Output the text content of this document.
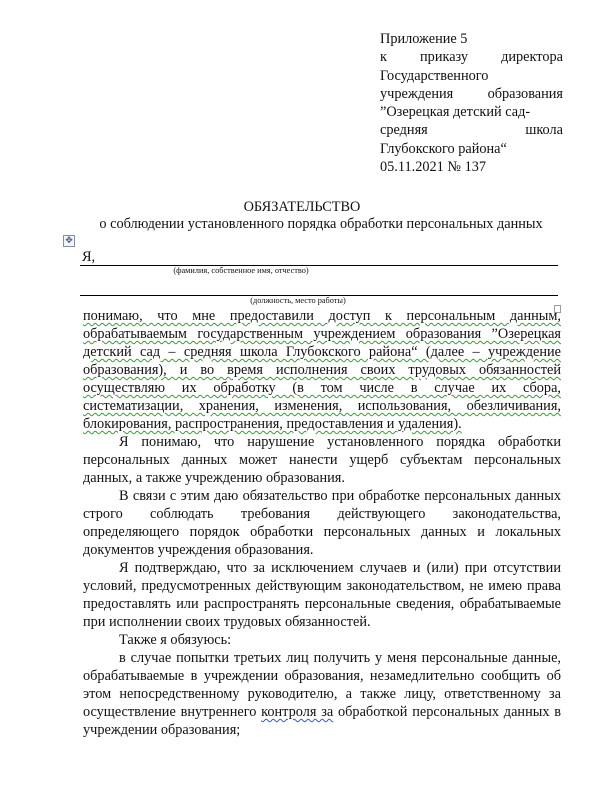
Приложение 5
к приказу директора
Государственного
учреждения образования
”Озерецкая детский сад-
средняя	школа
Глубокского района“
05.11.2021 № 137
ОБЯЗАТЕЛЬСТВО
о соблюдении установленного порядка обработки персональных данных
✥
Я,
(фамилия, собственное имя, отчество)
(должность, место работы)

понимаю, что мне предоставили доступ к персональным данным,

обрабатываемым государственным учреждением образования ”Озерецкая

детский сад – средняя школа Глубокского района“ (далее – учреждение

образования), и во время исполнения своих трудовых обязанностей

осуществляю их обработку (в том числе в случае их сбора,

систематизации, хранения, изменения, использования, обезличивания,

блокирования, распространения, предоставления и удаления).

Я понимаю, что нарушение установленного порядка обработки персональных данных может нанести ущерб субъектам персональных данных, а также учреждению образования.

В связи с этим даю обязательство при обработке персональных данных строго соблюдать требования действующего законодательства, определяющего порядок обработки персональных данных и локальных документов учреждения образования.

Я подтверждаю, что за исключением случаев и (или) при отсутствии условий, предусмотренных действующим законодательством, не имею права предоставлять или распространять персональные сведения, обрабатываемые при исполнении своих трудовых обязанностей.

Также я обязуюсь:

в случае попытки третьих лиц получить у меня персональные данные, обрабатываемые в учреждении образования, незамедлительно сообщить об этом непосредственному руководителю, а также лицу, ответственному за осуществление внутреннего контроля за обработкой персональных данных в учреждении образования;
